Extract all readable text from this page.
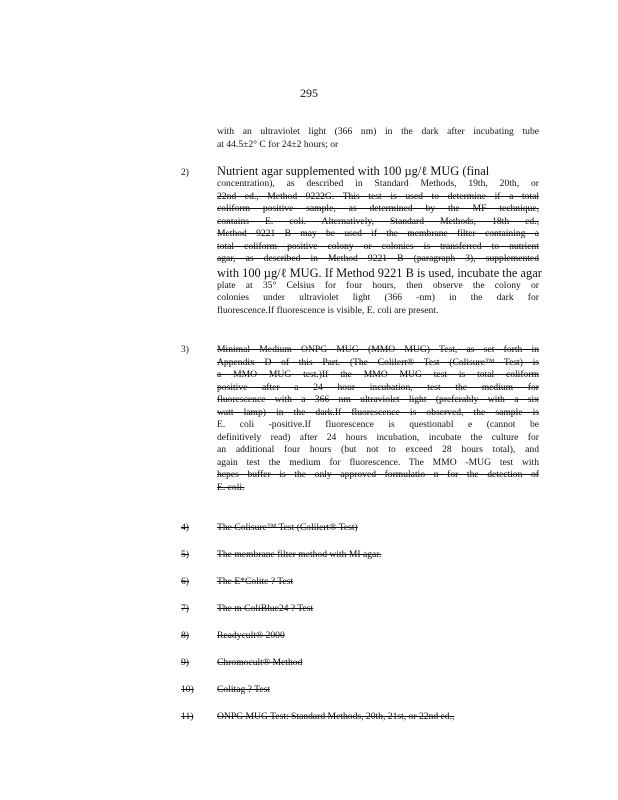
295
with an ultraviolet light (366 nm) in the dark after incubating tube
at 44.5±2° C for 24±2 hours; or
2) Nutrient agar supplemented with 100 µg/ℓ MUG (final
concentration), as described in Standard Methods, 19th, 20th, or
22nd ed., Method 9222G. This test is used to determine if a total
coliform positive sample, as determined by the MF technique,
contains E. coli. Alternatively, Standard Methods, 18th ed.,
Method 9221 B may be used if the membrane filter containing a
total coliform positive colony or colonies is transferred to nutrient
agar, as described in Method 9221 B (paragraph 3), supplemented
with 100 µg/ℓ MUG. If Method 9221 B is used, incubate the agar
plate at 35° Celsius for four hours, then observe the colony or
colonies under ultraviolet light (366 -nm) in the dark for
fluorescence.If fluorescence is visible, E. coli are present.
3)	Minimal Medium ONPG MUG (MMO MUG) Test, as set forth in
Appendix D of this Part. (The Colilert® Test (Colisure™ Test) is
a MMO MUG test.)If the MMO MUG test is total coliform
positive after a 24 hour incubation, test the medium for
fluorescence with a 366 nm ultraviolet light (preferably with a six
watt lamp) in the dark.If fluorescence is observed, the sample is
E. coli -positive.If fluorescence is questionabl e (cannot be
definitively read) after 24 hours incubation, incubate the culture for
an additional four hours (but not to exceed 28 hours total), and
again test the medium for fluorescence. The MMO -MUG test with
hepes buffer is the only approved formulatio n for the detection of
E. coli.
4)	The Colisure™ Test (Colilert® Test)
5)	The membrane filter method with MI agar.
6)	The E*Colite ? Test
7)	The m ColiBlue24 ? Test
8)	Readycult® 2000
9)	Chromocult® Method
10) Colitag ? Test
11) ONPG MUG Test: Standard Methods, 20th, 21st, or 22nd ed.,
